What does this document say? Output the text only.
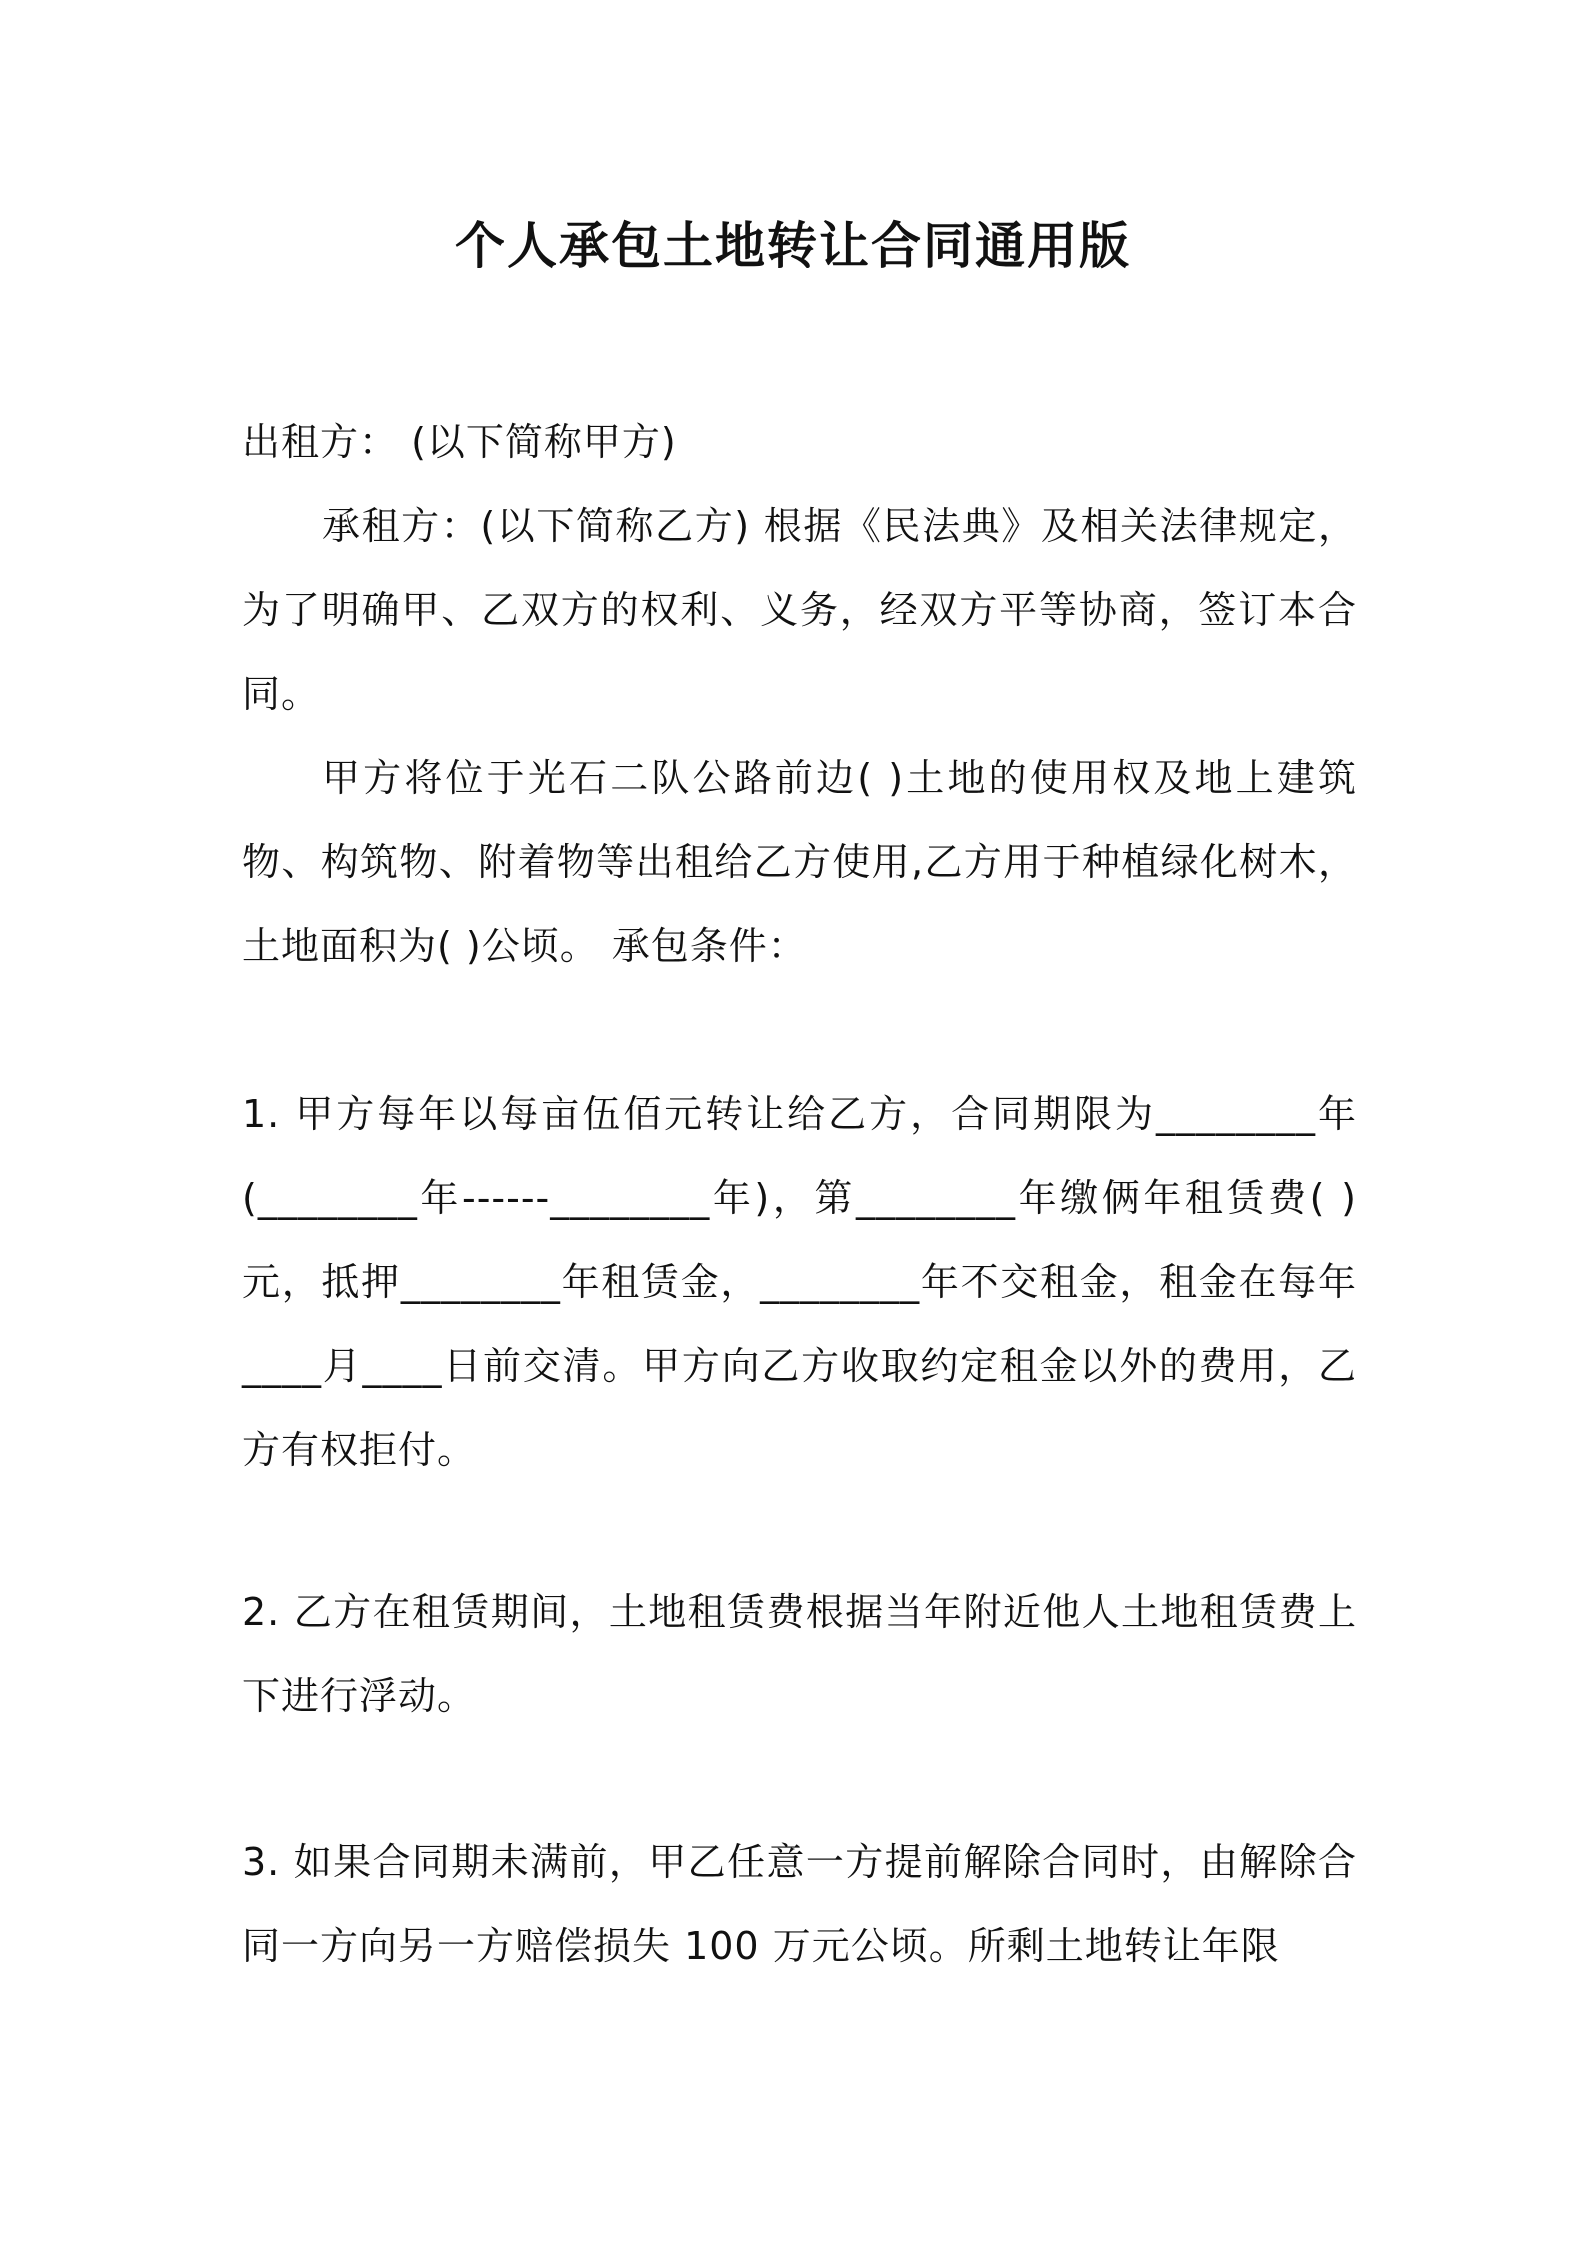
个人承包土地转让合同通用版

出租方： (以下简称甲方)

承租方：(以下简称乙方) 根据《民法典》及相关法律规定，为了明确甲、乙双方的权利、义务，经双方平等协商，签订本合同。

甲方将位于光石二队公路前边( )土地的使用权及地上建筑物、构筑物、附着物等出租给乙方使用,乙方用于种植绿化树木，土地面积为( )公顷。 承包条件：

1. 甲方每年以每亩伍佰元转让给乙方，合同期限为________年(________年------________年)，第________年缴俩年租赁费( )元，抵押________年租赁金，________年不交租金，租金在每年____月____日前交清。甲方向乙方收取约定租金以外的费用，乙方有权拒付。

2. 乙方在租赁期间，土地租赁费根据当年附近他人土地租赁费上下进行浮动。

3. 如果合同期未满前，甲乙任意一方提前解除合同时，由解除合同一方向另一方赔偿损失 100 万元公顷。所剩土地转让年限
